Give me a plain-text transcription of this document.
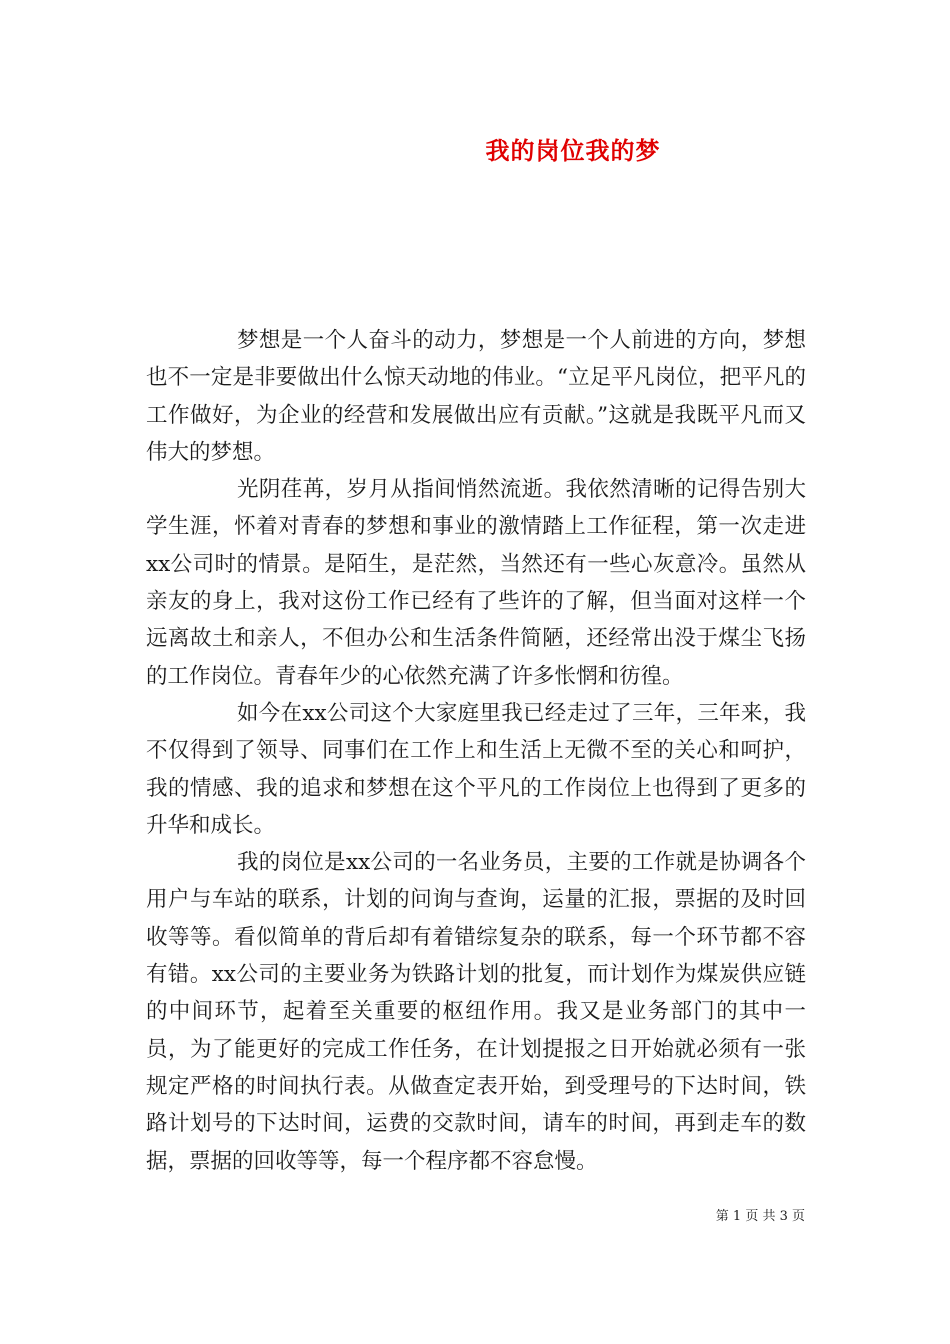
我的岗位我的梦

梦想是一个人奋斗的动力，梦想是一个人前进的方向，梦想也不一定是非要做出什么惊天动地的伟业。“立足平凡岗位，把平凡的工作做好，为企业的经营和发展做出应有贡献。”这就是我既平凡而又伟大的梦想。

光阴荏苒，岁月从指间悄然流逝。我依然清晰的记得告别大学生涯，怀着对青春的梦想和事业的激情踏上工作征程，第一次走进xx公司时的情景。是陌生，是茫然，当然还有一些心灰意冷。虽然从亲友的身上，我对这份工作已经有了些许的了解，但当面对这样一个远离故土和亲人，不但办公和生活条件简陋，还经常出没于煤尘飞扬的工作岗位。青春年少的心依然充满了许多怅惘和彷徨。

如今在xx公司这个大家庭里我已经走过了三年，三年来，我不仅得到了领导、同事们在工作上和生活上无微不至的关心和呵护，我的情感、我的追求和梦想在这个平凡的工作岗位上也得到了更多的升华和成长。

我的岗位是xx公司的一名业务员，主要的工作就是协调各个用户与车站的联系，计划的问询与查询，运量的汇报，票据的及时回收等等。看似简单的背后却有着错综复杂的联系，每一个环节都不容有错。xx公司的主要业务为铁路计划的批复，而计划作为煤炭供应链的中间环节，起着至关重要的枢纽作用。我又是业务部门的其中一员，为了能更好的完成工作任务，在计划提报之日开始就必须有一张规定严格的时间执行表。从做查定表开始，到受理号的下达时间，铁路计划号的下达时间，运费的交款时间，请车的时间，再到走车的数据，票据的回收等等，每一个程序都不容怠慢。

第 1 页 共 3 页
